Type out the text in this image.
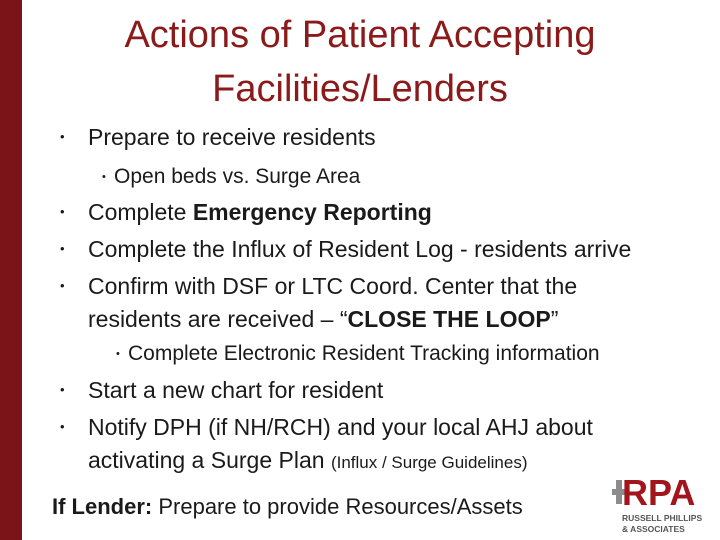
Actions of Patient Accepting
Facilities/Lenders
• Prepare to receive residents
• Open beds vs. Surge Area
• Complete Emergency Reporting
• Complete the Influx of Resident Log - residents arrive
• Confirm with DSF or LTC Coord. Center that the
residents are received – “CLOSE THE LOOP”
• Complete Electronic Resident Tracking information
• Start a new chart for resident
• Notify DPH (if NH/RCH) and your local AHJ about
activating a Surge Plan (Influx / Surge Guidelines)
If Lender: Prepare to provide Resources/Assets	RPA
RUSSELL PHILLIPS
& ASSOCIATES
